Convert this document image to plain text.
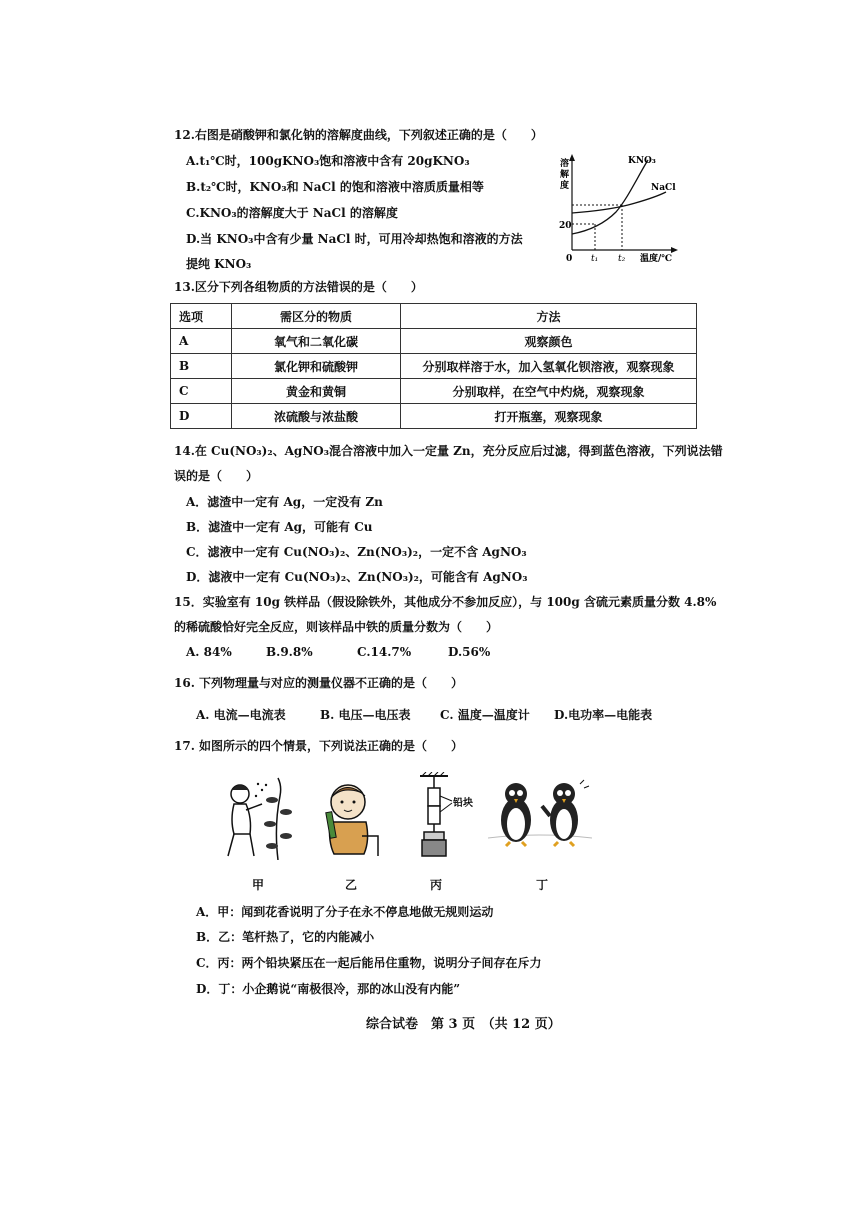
12.右图是硝酸钾和氯化钠的溶解度曲线，下列叙述正确的是（　　）
A.t₁℃时，100gKNO₃饱和溶液中含有 20gKNO₃
B.t₂℃时，KNO₃和 NaCl 的饱和溶液中溶质质量相等
C.KNO₃的溶解度大于 NaCl 的溶解度
D.当 KNO₃中含有少量 NaCl 时，可用冷却热饱和溶液的方法
提纯 KNO₃
溶
解
度
20
0 t₁ t₂ 温度/℃
KNO₃
NaCl
13.区分下列各组物质的方法错误的是（　　）
选项	需区分的物质	方法
A	氧气和二氧化碳	观察颜色
B	氯化钾和硫酸钾	分别取样溶于水，加入氢氧化钡溶液，观察现象
C	黄金和黄铜	分别取样，在空气中灼烧，观察现象
D	浓硫酸与浓盐酸	打开瓶塞，观察现象
14.在 Cu(NO₃)₂、AgNO₃混合溶液中加入一定量 Zn，充分反应后过滤，得到蓝色溶液，下列说法错
误的是（　　）
A．滤渣中一定有 Ag，一定没有 Zn
B．滤渣中一定有 Ag，可能有 Cu
C．滤液中一定有 Cu(NO₃)₂、Zn(NO₃)₂，一定不含 AgNO₃
D．滤液中一定有 Cu(NO₃)₂、Zn(NO₃)₂，可能含有 AgNO₃
15．实验室有 10g 铁样品（假设除铁外，其他成分不参加反应），与 100g 含硫元素质量分数 4.8%
的稀硫酸恰好完全反应，则该样品中铁的质量分数为（　　）
A. 84%	B.9.8%	C.14.7%	D.56%
16. 下列物理量与对应的测量仪器不正确的是（　　）
A. 电流—电流表	B. 电压—电压表 C. 温度—温度计 D.电功率—电能表
17. 如图所示的四个情景，下列说法正确的是（　　）
铅块
甲	乙	丙	丁
A．甲：闻到花香说明了分子在永不停息地做无规则运动
B．乙：笔杆热了，它的内能减小
C．丙：两个铅块紧压在一起后能吊住重物，说明分子间存在斥力
D．丁：小企鹅说“南极很冷，那的冰山没有内能”
综合试卷　第 3 页　（共 12 页）
